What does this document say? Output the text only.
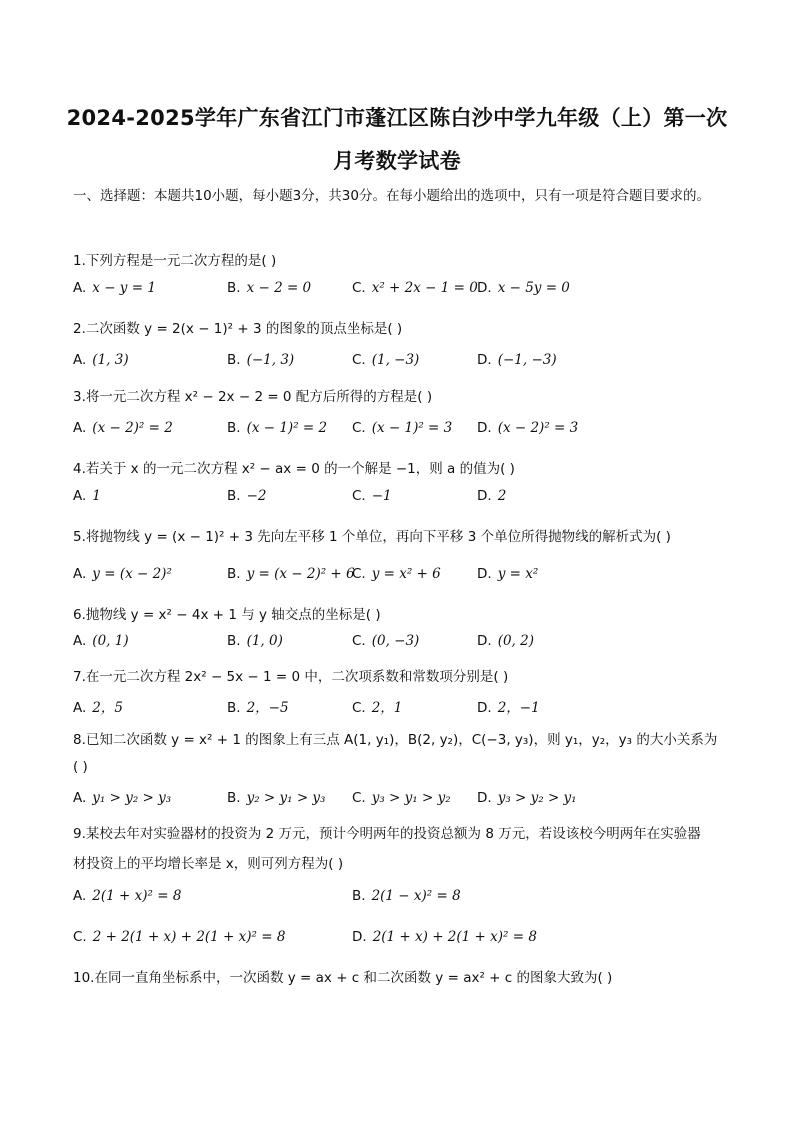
2024-2025学年广东省江门市蓬江区陈白沙中学九年级（上）第一次
月考数学试卷
一、选择题：本题共10小题，每小题3分，共30分。在每小题给出的选项中，只有一项是符合题目要求的。
1.下列方程是一元二次方程的是( )
A. x − y = 1	B. x − 2 = 0	C. x² + 2x − 1 = 0 D. x − 5y = 0
2.二次函数 y = 2(x − 1)² + 3 的图象的顶点坐标是( )
A. (1, 3)	B. (−1, 3)	C. (1, −3)	D. (−1, −3)
3.将一元二次方程 x² − 2x − 2 = 0 配方后所得的方程是( )
A. (x − 2)² = 2	B. (x − 1)² = 2 C. (x − 1)² = 3 D. (x − 2)² = 3
4.若关于 x 的一元二次方程 x² − ax = 0 的一个解是 −1，则 a 的值为( )
A. 1	B. −2	C. −1	D. 2
5.将抛物线 y = (x − 1)² + 3 先向左平移 1 个单位，再向下平移 3 个单位所得抛物线的解析式为( )
A. y = (x − 2)²	B. y = (x − 2)² + 6
C. y = x² + 6	D. y = x²
6.抛物线 y = x² − 4x + 1 与 y 轴交点的坐标是( )
A. (0, 1)	B. (1, 0)	C. (0, −3)	D. (0, 2)
7.在一元二次方程 2x² − 5x − 1 = 0 中，二次项系数和常数项分别是( )
A. 2，5	B. 2，−5	C. 2，1	D. 2，−1
8.已知二次函数 y = x² + 1 的图象上有三点 A(1, y₁)，B(2, y₂)，C(−3, y₃)，则 y₁，y₂，y₃ 的大小关系为
( )
A. y₁ > y₂ > y₃	B. y₂ > y₁ > y₃ C. y₃ > y₁ > y₂ D. y₃ > y₂ > y₁
9.某校去年对实验器材的投资为 2 万元，预计今明两年的投资总额为 8 万元，若设该校今明两年在实验器
材投资上的平均增长率是 x，则可列方程为( )
A. 2(1 + x)² = 8	B. 2(1 − x)² = 8
C. 2 + 2(1 + x) + 2(1 + x)² = 8	D. 2(1 + x) + 2(1 + x)² = 8
10.在同一直角坐标系中，一次函数 y = ax + c 和二次函数 y = ax² + c 的图象大致为( )
